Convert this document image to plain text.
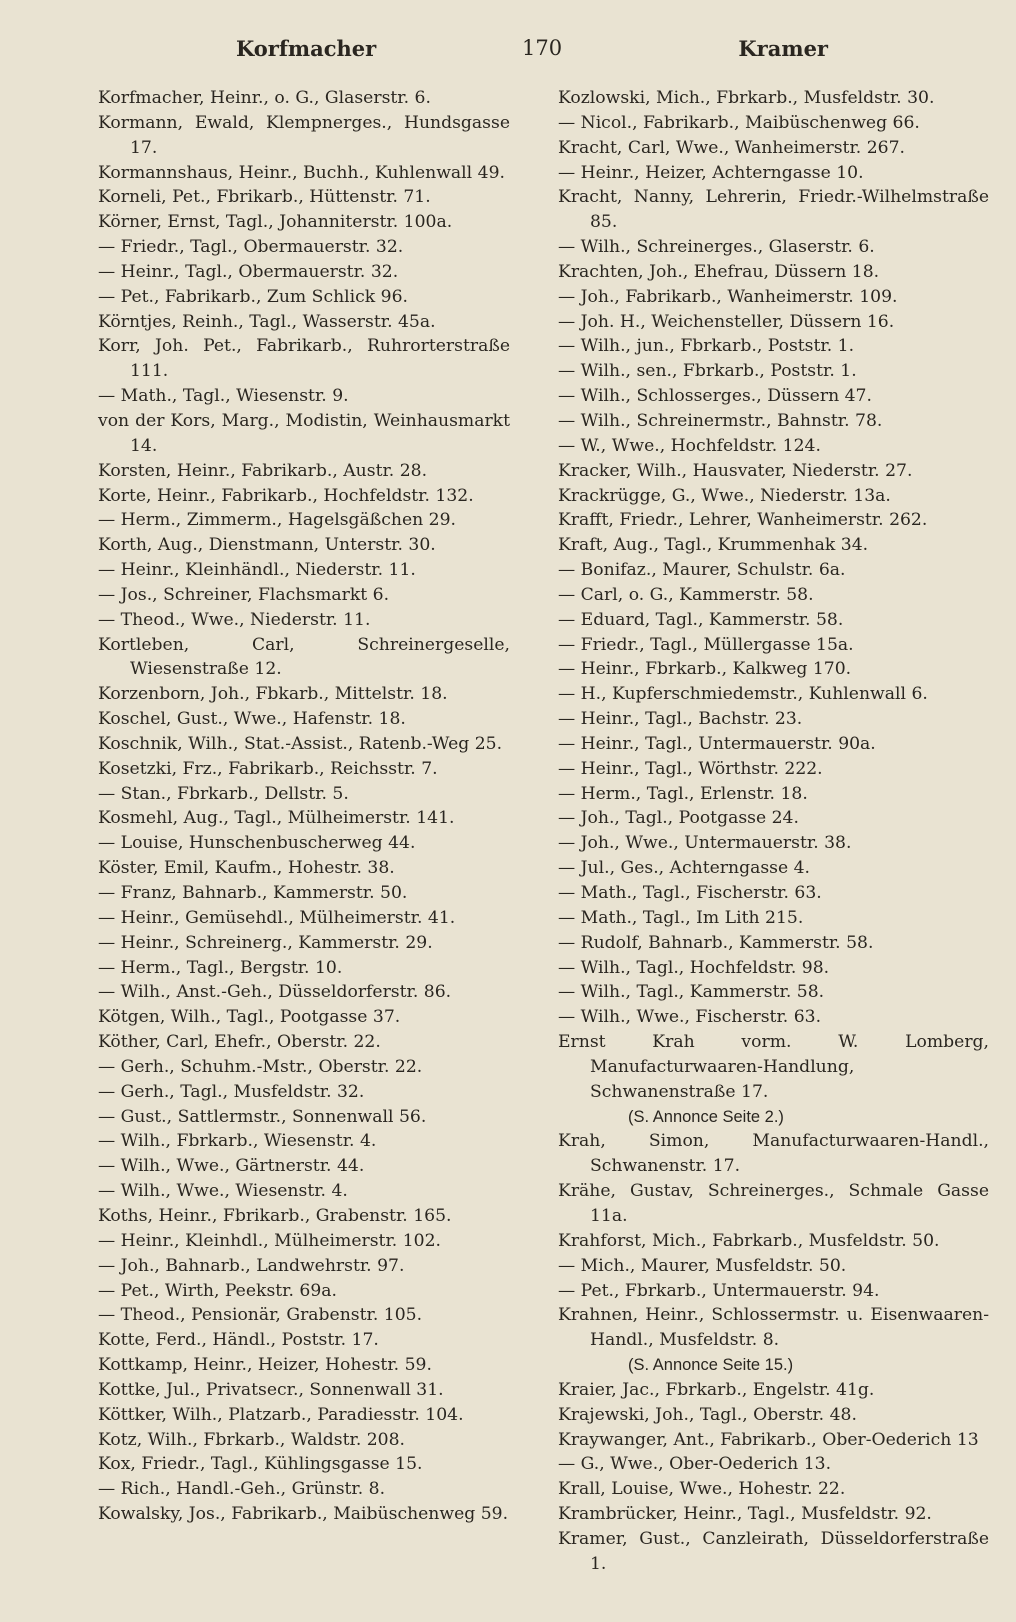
Korfmacher	170	Kramer
Korfmacher, Heinr., o. G., Glaserstr. 6.
Kormann, Ewald, Klempnerges., Hundsgasse 17.
Kormannshaus, Heinr., Buchh., Kuhlenwall 49.
Korneli, Pet., Fbrikarb., Hüttenstr. 71.
Körner, Ernst, Tagl., Johanniterstr. 100a.
— Friedr., Tagl., Obermauerstr. 32.
— Heinr., Tagl., Obermauerstr. 32.
— Pet., Fabrikarb., Zum Schlick 96.
Körntjes, Reinh., Tagl., Wasserstr. 45a.
Korr, Joh. Pet., Fabrikarb., Ruhrorterstraße 111.
— Math., Tagl., Wiesenstr. 9.
von der Kors, Marg., Modistin, Weinhausmarkt 14.
Korsten, Heinr., Fabrikarb., Austr. 28.
Korte, Heinr., Fabrikarb., Hochfeldstr. 132.
— Herm., Zimmerm., Hagelsgäßchen 29.
Korth, Aug., Dienstmann, Unterstr. 30.
— Heinr., Kleinhändl., Niederstr. 11.
— Jos., Schreiner, Flachsmarkt 6.
— Theod., Wwe., Niederstr. 11.
Kortleben, Carl, Schreinergeselle, Wiesenstraße 12.
Korzenborn, Joh., Fbkarb., Mittelstr. 18.
Koschel, Gust., Wwe., Hafenstr. 18.
Koschnik, Wilh., Stat.-Assist., Ratenb.-Weg 25.
Kosetzki, Frz., Fabrikarb., Reichsstr. 7.
— Stan., Fbrkarb., Dellstr. 5.
Kosmehl, Aug., Tagl., Mülheimerstr. 141.
— Louise, Hunschenbuscherweg 44.
Köster, Emil, Kaufm., Hohestr. 38.
— Franz, Bahnarb., Kammerstr. 50.
— Heinr., Gemüsehdl., Mülheimerstr. 41.
— Heinr., Schreinerg., Kammerstr. 29.
— Herm., Tagl., Bergstr. 10.
— Wilh., Anst.-Geh., Düsseldorferstr. 86.
Kötgen, Wilh., Tagl., Pootgasse 37.
Köther, Carl, Ehefr., Oberstr. 22.
— Gerh., Schuhm.-Mstr., Oberstr. 22.
— Gerh., Tagl., Musfeldstr. 32.
— Gust., Sattlermstr., Sonnenwall 56.
— Wilh., Fbrkarb., Wiesenstr. 4.
— Wilh., Wwe., Gärtnerstr. 44.
— Wilh., Wwe., Wiesenstr. 4.
Koths, Heinr., Fbrikarb., Grabenstr. 165.
— Heinr., Kleinhdl., Mülheimerstr. 102.
— Joh., Bahnarb., Landwehrstr. 97.
— Pet., Wirth, Peekstr. 69a.
— Theod., Pensionär, Grabenstr. 105.
Kotte, Ferd., Händl., Poststr. 17.
Kottkamp, Heinr., Heizer, Hohestr. 59.
Kottke, Jul., Privatsecr., Sonnenwall 31.
Köttker, Wilh., Platzarb., Paradiesstr. 104.
Kotz, Wilh., Fbrkarb., Waldstr. 208.
Kox, Friedr., Tagl., Kühlingsgasse 15.
— Rich., Handl.-Geh., Grünstr. 8.
Kowalsky, Jos., Fabrikarb., Maibüschenweg 59.
Kozlowski, Mich., Fbrkarb., Musfeldstr. 30.
— Nicol., Fabrikarb., Maibüschenweg 66.
Kracht, Carl, Wwe., Wanheimerstr. 267.
— Heinr., Heizer, Achterngasse 10.
Kracht, Nanny, Lehrerin, Friedr.-Wilhelmstraße 85.
— Wilh., Schreinerges., Glaserstr. 6.
Krachten, Joh., Ehefrau, Düssern 18.
— Joh., Fabrikarb., Wanheimerstr. 109.
— Joh. H., Weichensteller, Düssern 16.
— Wilh., jun., Fbrkarb., Poststr. 1.
— Wilh., sen., Fbrkarb., Poststr. 1.
— Wilh., Schlosserges., Düssern 47.
— Wilh., Schreinermstr., Bahnstr. 78.
— W., Wwe., Hochfeldstr. 124.
Kracker, Wilh., Hausvater, Niederstr. 27.
Krackrügge, G., Wwe., Niederstr. 13a.
Krafft, Friedr., Lehrer, Wanheimerstr. 262.
Kraft, Aug., Tagl., Krummenhak 34.
— Bonifaz., Maurer, Schulstr. 6a.
— Carl, o. G., Kammerstr. 58.
— Eduard, Tagl., Kammerstr. 58.
— Friedr., Tagl., Müllergasse 15a.
— Heinr., Fbrkarb., Kalkweg 170.
— H., Kupferschmiedemstr., Kuhlenwall 6.
— Heinr., Tagl., Bachstr. 23.
— Heinr., Tagl., Untermauerstr. 90a.
— Heinr., Tagl., Wörthstr. 222.
— Herm., Tagl., Erlenstr. 18.
— Joh., Tagl., Pootgasse 24.
— Joh., Wwe., Untermauerstr. 38.
— Jul., Ges., Achterngasse 4.
— Math., Tagl., Fischerstr. 63.
— Math., Tagl., Im Lith 215.
— Rudolf, Bahnarb., Kammerstr. 58.
— Wilh., Tagl., Hochfeldstr. 98.
— Wilh., Tagl., Kammerstr. 58.
— Wilh., Wwe., Fischerstr. 63.
Ernst Krah vorm. W. Lomberg, Manufacturwaaren-Handlung, Schwanenstraße 17.
(S. Annonce Seite 2.)
Krah, Simon, Manufacturwaaren-Handl., Schwanenstr. 17.
Krähe, Gustav, Schreinerges., Schmale Gasse 11a.
Krahforst, Mich., Fabrkarb., Musfeldstr. 50.
— Mich., Maurer, Musfeldstr. 50.
— Pet., Fbrkarb., Untermauerstr. 94.
Krahnen, Heinr., Schlossermstr. u. Eisenwaaren-Handl., Musfeldstr. 8.
(S. Annonce Seite 15.)
Kraier, Jac., Fbrkarb., Engelstr. 41g.
Krajewski, Joh., Tagl., Oberstr. 48.
Kraywanger, Ant., Fabrikarb., Ober-Oederich 13
— G., Wwe., Ober-Oederich 13.
Krall, Louise, Wwe., Hohestr. 22.
Krambrücker, Heinr., Tagl., Musfeldstr. 92.
Kramer, Gust., Canzleirath, Düsseldorferstraße 1.
